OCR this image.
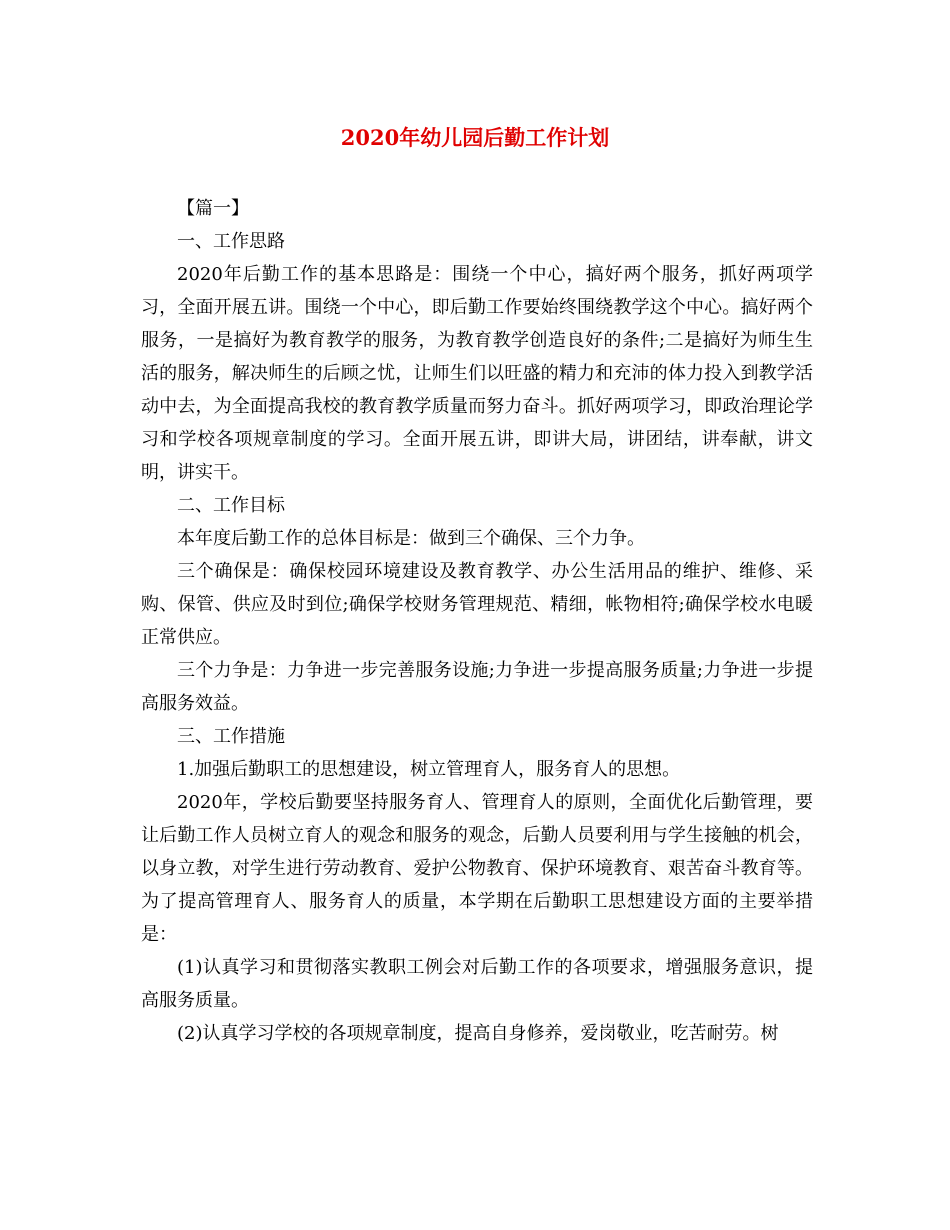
2020年幼儿园后勤工作计划

【篇一】

一、工作思路

2020年后勤工作的基本思路是：围绕一个中心，搞好两个服务，抓好两项学习，全面开展五讲。围绕一个中心，即后勤工作要始终围绕教学这个中心。搞好两个服务，一是搞好为教育教学的服务，为教育教学创造良好的条件;二是搞好为师生生活的服务，解决师生的后顾之忧，让师生们以旺盛的精力和充沛的体力投入到教学活动中去，为全面提高我校的教育教学质量而努力奋斗。抓好两项学习，即政治理论学习和学校各项规章制度的学习。全面开展五讲，即讲大局，讲团结，讲奉献，讲文明，讲实干。

二、工作目标

本年度后勤工作的总体目标是：做到三个确保、三个力争。

三个确保是：确保校园环境建设及教育教学、办公生活用品的维护、维修、采购、保管、供应及时到位;确保学校财务管理规范、精细，帐物相符;确保学校水电暖正常供应。

三个力争是：力争进一步完善服务设施;力争进一步提高服务质量;力争进一步提高服务效益。

三、工作措施

1.加强后勤职工的思想建设，树立管理育人，服务育人的思想。

2020年，学校后勤要坚持服务育人、管理育人的原则，全面优化后勤管理，要让后勤工作人员树立育人的观念和服务的观念，后勤人员要利用与学生接触的机会，以身立教，对学生进行劳动教育、爱护公物教育、保护环境教育、艰苦奋斗教育等。为了提高管理育人、服务育人的质量，本学期在后勤职工思想建设方面的主要举措是：

(1)认真学习和贯彻落实教职工例会对后勤工作的各项要求，增强服务意识，提高服务质量。

(2)认真学习学校的各项规章制度，提高自身修养，爱岗敬业，吃苦耐劳。树
